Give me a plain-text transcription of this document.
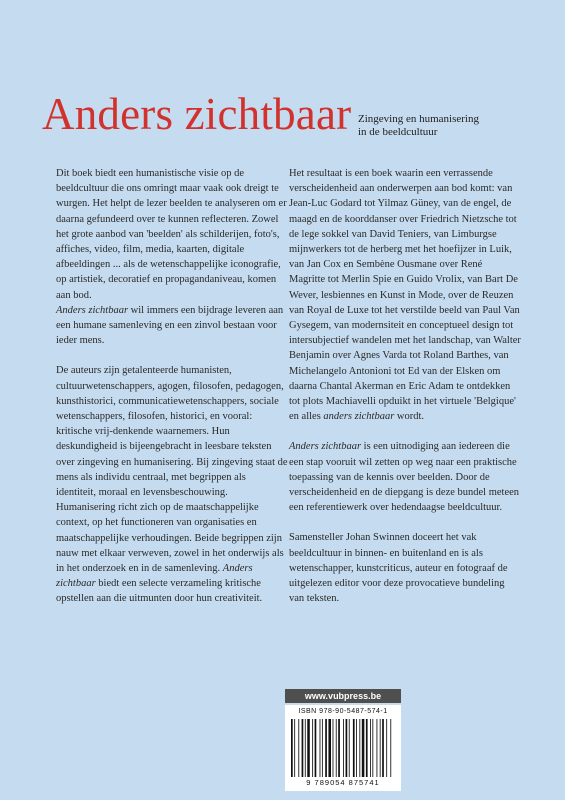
Anders zichtbaar Zingeving en humanisering
in de beeldcultuur

Dit boek biedt een humanistische visie op de beeldcultuur die ons omringt maar vaak ook dreigt te wurgen. Het helpt de lezer beelden te analyseren om er daarna gefundeerd over te kunnen reflecteren. Zowel het grote aanbod van 'beelden' als schilderijen, foto's, affiches, video, film, media, kaarten, digitale afbeeldingen ... als de wetenschappelijke iconografie, op artistiek, decoratief en propagandaniveau, komen aan bod.
Anders zichtbaar wil immers een bijdrage leveren aan een humane samenleving en een zinvol bestaan voor ieder mens.

De auteurs zijn getalenteerde humanisten, cultuurwetenschappers, agogen, filosofen, pedagogen, kunsthistorici, communicatiewetenschappers, sociale wetenschappers, filosofen, historici, en vooral: kritische vrij-denkende waarnemers. Hun deskundigheid is bijeengebracht in leesbare teksten over zingeving en humanisering. Bij zingeving staat de mens als individu centraal, met begrippen als identiteit, moraal en levensbeschouwing. Humanisering richt zich op de maatschappelijke context, op het functioneren van organisaties en maatschappelijke verhoudingen. Beide begrippen zijn nauw met elkaar verweven, zowel in het onderwijs als in het onderzoek en in de samenleving. Anders zichtbaar biedt een selecte verzameling kritische opstellen aan die uitmunten door hun creativiteit.

Het resultaat is een boek waarin een verrassende verscheidenheid aan onderwerpen aan bod komt: van Jean-Luc Godard tot Yilmaz Güney, van de engel, de maagd en de koorddanser over Friedrich Nietzsche tot de lege sokkel van David Teniers, van Limburgse mijnwerkers tot de herberg met het hoefijzer in Luik, van Jan Cox en Sembène Ousmane over René Magritte tot Merlin Spie en Guido Vrolix, van Bart De Wever, lesbiennes en Kunst in Mode, over de Reuzen van Royal de Luxe tot het verstilde beeld van Paul Van Gysegem, van modernsiteit en conceptueel design tot intersubjectief wandelen met het landschap, van Walter Benjamin over Agnes Varda tot Roland Barthes, van Michelangelo Antonioni tot Ed van der Elsken om daarna Chantal Akerman en Eric Adam te ontdekken tot plots Machiavelli opduikt in het virtuele 'Belgique' en alles anders zichtbaar wordt.

Anders zichtbaar is een uitnodiging aan iedereen die een stap vooruit wil zetten op weg naar een praktische toepassing van de kennis over beelden. Door de verscheidenheid en de diepgang is deze bundel meteen een referentiewerk over hedendaagse beeldcultuur.

Samensteller Johan Swinnen doceert het vak beeldcultuur in binnen- en buitenland en is als wetenschapper, kunstcriticus, auteur en fotograaf de uitgelezen editor voor deze provocatieve bundeling van teksten.

www.vubpress.be
ISBN 978-90-5487-574-1
9 789054 875741
